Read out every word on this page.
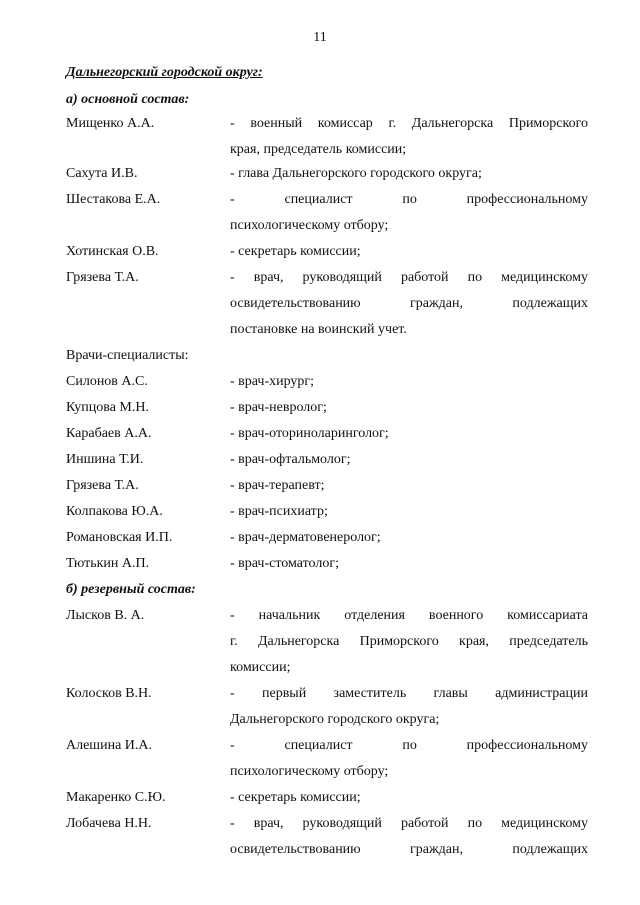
11
Дальнегорский городской округ:
а) основной состав:
Мищенко А.А.	- военный комиссар г. Дальнегорска Приморского
края, председатель комиссии;
Сахута И.В.	- глава Дальнегорского городского округа;
Шестакова Е.А.	- специалист по профессиональному
психологическому отбору;
Хотинская О.В.	- секретарь комиссии;
Грязева Т.А.	- врач, руководящий работой по медицинскому
освидетельствованию граждан, подлежащих
постановке на воинский учет.
Врачи-специалисты:
Силонов А.С.	- врач-хирург;
Купцова М.Н.	- врач-невролог;
Карабаев А.А.	- врач-оториноларинголог;
Иншина Т.И.	- врач-офтальмолог;
Грязева Т.А.	- врач-терапевт;
Колпакова Ю.А.	- врач-психиатр;
Романовская И.П.	- врач-дерматовенеролог;
Тютькин А.П.	- врач-стоматолог;
б) резервный состав:
Лысков В. А.	- начальник отделения военного комиссариата
г. Дальнегорска Приморского края, председатель
комиссии;
Колосков В.Н.	- первый заместитель главы администрации
Дальнегорского городского округа;
Алешина И.А.	- специалист по профессиональному
психологическому отбору;
Макаренко С.Ю.	- секретарь комиссии;
Лобачева Н.Н.	- врач, руководящий работой по медицинскому
освидетельствованию граждан, подлежащих
